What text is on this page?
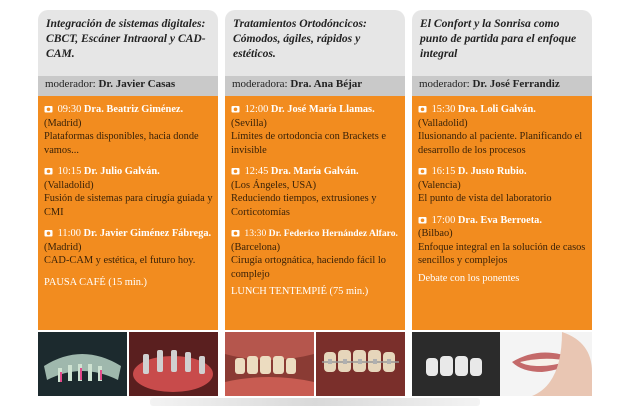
Integración de sistemas digitales: CBCT, Escáner Intraoral y CAD-CAM.
moderador: Dr. Javier Casas
09:30 Dra. Beatriz Giménez.
(Madrid)
Plataformas disponibles, hacia donde vamos...
10:15 Dr. Julio Galván.
(Valladolid)
Fusión de sistemas para cirugía guiada y CMI
11:00 Dr. Javier Giménez Fábrega.
(Madrid)
CAD-CAM y estética, el futuro hoy.
PAUSA CAFÉ (15 min.)
Tratamientos Ortodóncicos: Cómodos, ágiles, rápidos y estéticos.
moderadora: Dra. Ana Béjar
12:00 Dr. José María Llamas.
(Sevilla)
Límites de ortodoncia con Brackets e invisible
12:45 Dra. María Galván.
(Los Ángeles, USA)
Reduciendo tiempos, extrusiones y Corticotomías
13:30 Dr. Federico Hernández Alfaro.
(Barcelona)
Cirugía ortognática, haciendo fácil lo complejo
LUNCH TENTEMPIÉ (75 min.)
El Confort y la Sonrisa como punto de partida para el enfoque integral
moderador: Dr. José Ferrandiz
15:30 Dra. Loli Galván.
(Valladolid)
Ilusionando al paciente. Planificando el desarrollo de los procesos
16:15 D. Justo Rubio.
(Valencia)
El punto de vista del laboratorio
17:00 Dra. Eva Berroeta.
(Bilbao)
Enfoque integral en la solución de casos sencillos y complejos
Debate con los ponentes
